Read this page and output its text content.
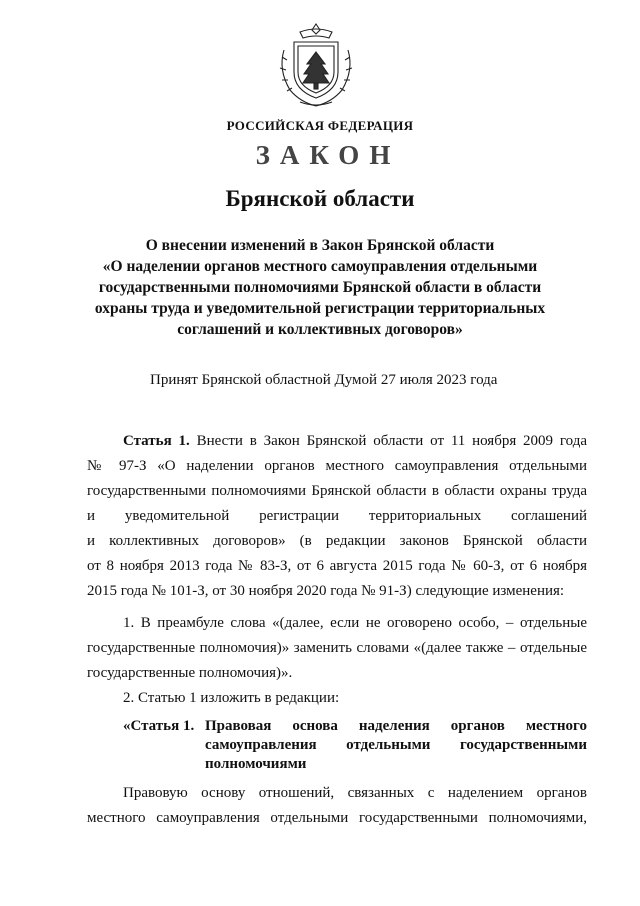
РОССИЙСКАЯ ФЕДЕРАЦИЯ
ЗАКОН
Брянской области
О внесении изменений в Закон Брянской области
«О наделении органов местного самоуправления отдельными
государственными полномочиями Брянской области в области
охраны труда и уведомительной регистрации территориальных
соглашений и коллективных договоров»
Принят Брянской областной Думой 27 июля 2023 года
Статья 1. Внести в Закон Брянской области от 11 ноября 2009 года
№ 97-З «О наделении органов местного самоуправления отдельными
государственными полномочиями Брянской области в области охраны труда
и уведомительной регистрации территориальных соглашений
и коллективных договоров» (в редакции законов Брянской области
от 8 ноября 2013 года № 83-З, от 6 августа 2015 года № 60-З, от 6 ноября
2015 года № 101-З, от 30 ноября 2020 года № 91-З) следующие изменения:
1. В преамбуле слова «(далее, если не оговорено особо, – отдельные
государственные полномочия)» заменить словами «(далее также – отдельные
государственные полномочия)».
2. Статью 1 изложить в редакции:
«Статья 1. Правовая основа наделения органов местного
самоуправления отдельными государственными
полномочиями
Правовую основу отношений, связанных с наделением органов
местного самоуправления отдельными государственными полномочиями,
